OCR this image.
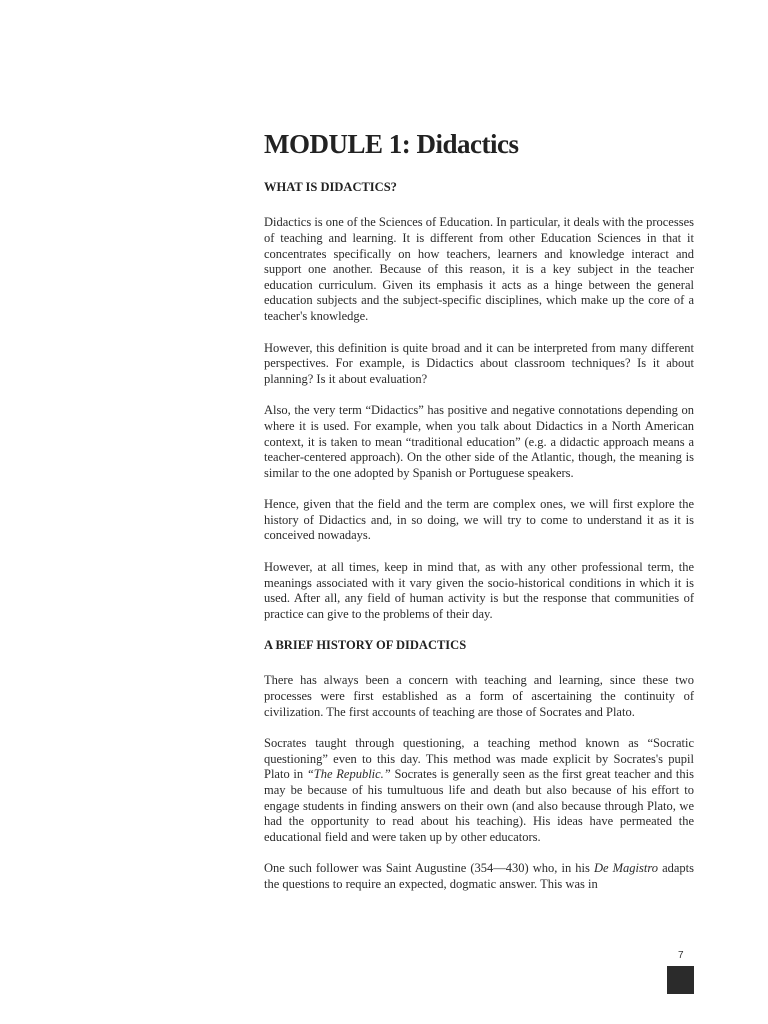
MODULE 1: Didactics
WHAT IS DIDACTICS?

Didactics is one of the Sciences of Education. In particular, it deals with the processes of teaching and learning. It is different from other Education Sciences in that it concentrates specifically on how teachers, learners and knowledge interact and support one another. Because of this reason, it is a key subject in the teacher education curriculum. Given its emphasis it acts as a hinge between the general education subjects and the subject-specific disciplines, which make up the core of a teacher's knowledge.

However, this definition is quite broad and it can be interpreted from many different perspectives. For example, is Didactics about classroom techniques? Is it about planning? Is it about evaluation?

Also, the very term “Didactics” has positive and negative connotations depending on where it is used. For example, when you talk about Didactics in a North American context, it is taken to mean “traditional education” (e.g. a didactic approach means a teacher-centered approach). On the other side of the Atlantic, though, the meaning is similar to the one adopted by Spanish or Portuguese speakers.

Hence, given that the field and the term are complex ones, we will first explore the history of Didactics and, in so doing, we will try to come to understand it as it is conceived nowadays.

However, at all times, keep in mind that, as with any other professional term, the meanings associated with it vary given the socio-historical conditions in which it is used. After all, any field of human activity is but the response that communities of practice can give to the problems of their day.

A BRIEF HISTORY OF DIDACTICS

There has always been a concern with teaching and learning, since these two processes were first established as a form of ascertaining the continuity of civilization. The first accounts of teaching are those of Socrates and Plato.

Socrates taught through questioning, a teaching method known as “Socratic questioning” even to this day. This method was made explicit by Socrates's pupil Plato in “The Republic.” Socrates is generally seen as the first great teacher and this may be because of his tumultuous life and death but also because of his effort to engage students in finding answers on their own (and also because through Plato, we had the opportunity to read about his teaching). His ideas have permeated the educational field and were taken up by other educators.

One such follower was Saint Augustine (354—430) who, in his De Magistro adapts the questions to require an expected, dogmatic answer. This was in

7
